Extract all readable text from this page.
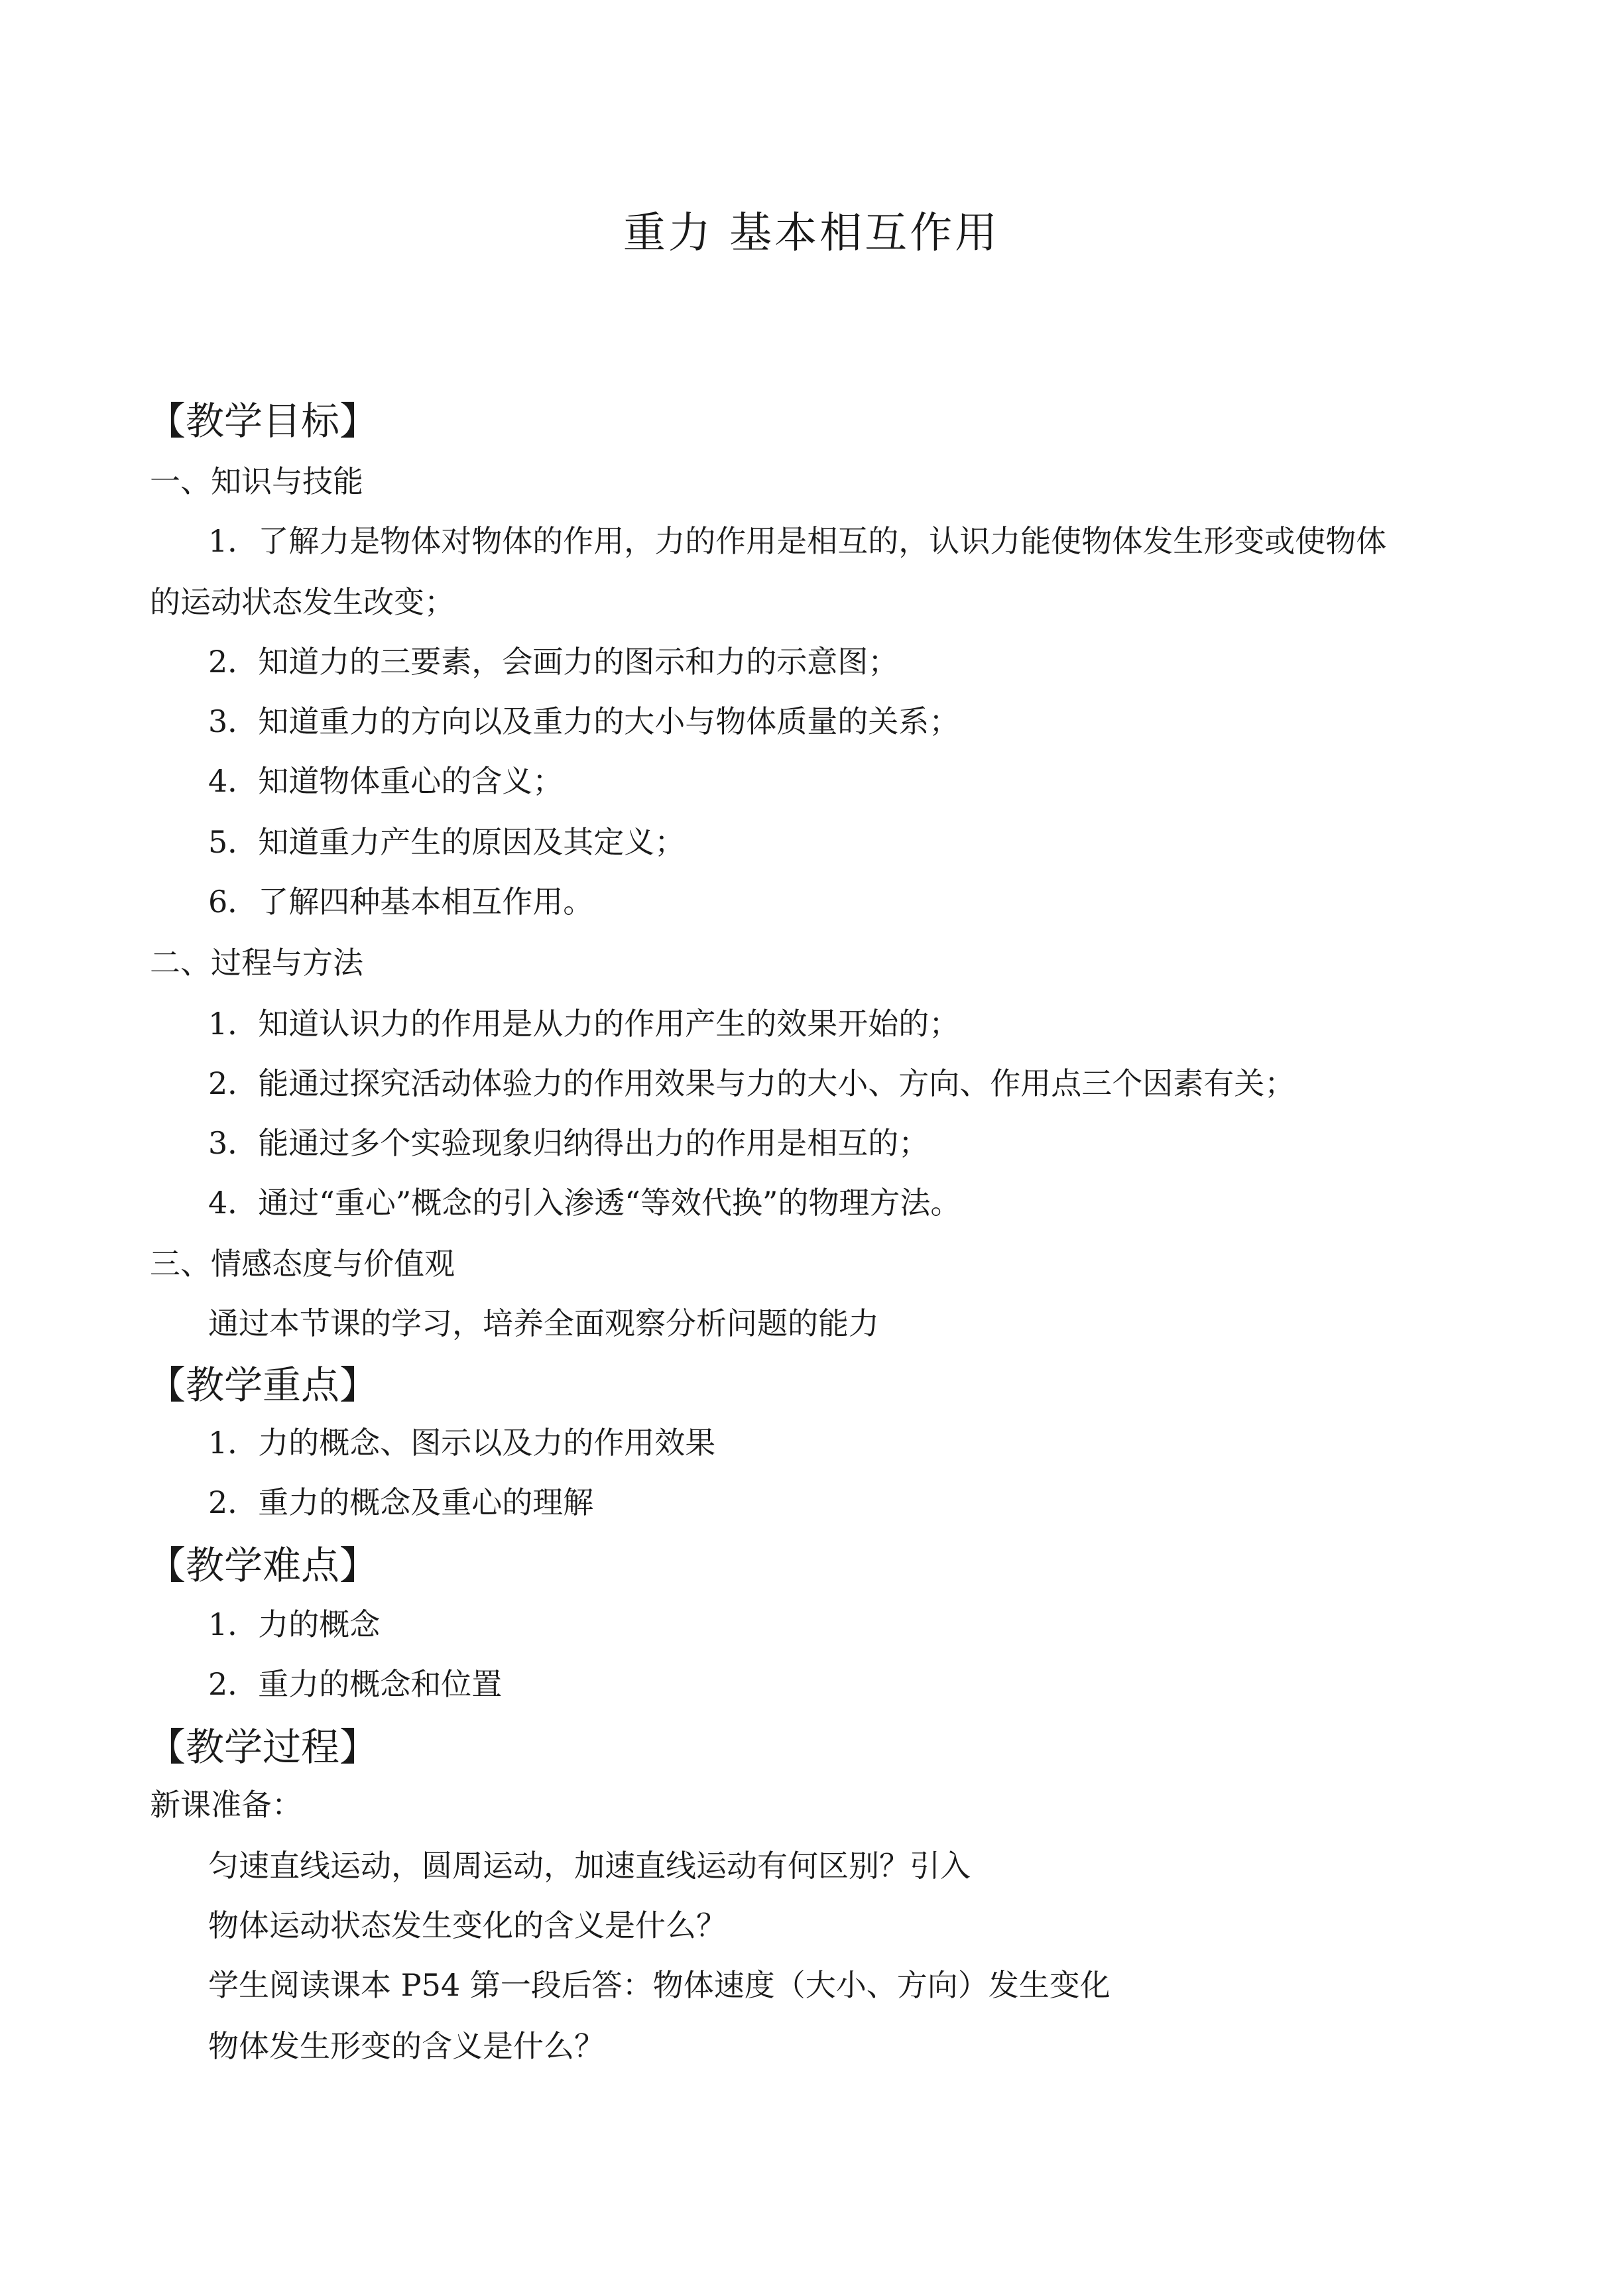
重力 基本相互作用
【教学目标】
一、知识与技能
1．了解力是物体对物体的作用，力的作用是相互的，认识力能使物体发生形变或使物体
的运动状态发生改变；
2．知道力的三要素，会画力的图示和力的示意图；
3．知道重力的方向以及重力的大小与物体质量的关系；
4．知道物体重心的含义；
5．知道重力产生的原因及其定义；
6．了解四种基本相互作用。
二、过程与方法
1．知道认识力的作用是从力的作用产生的效果开始的；
2．能通过探究活动体验力的作用效果与力的大小、方向、作用点三个因素有关；
3．能通过多个实验现象归纳得出力的作用是相互的；
4．通过“重心”概念的引入渗透“等效代换”的物理方法。
三、情感态度与价值观
通过本节课的学习，培养全面观察分析问题的能力
【教学重点】
1．力的概念、图示以及力的作用效果
2．重力的概念及重心的理解
【教学难点】
1．力的概念
2．重力的概念和位置
【教学过程】
新课准备：
匀速直线运动，圆周运动，加速直线运动有何区别？引入
物体运动状态发生变化的含义是什么？
学生阅读课本 P54 第一段后答：物体速度（大小、方向）发生变化
物体发生形变的含义是什么？
